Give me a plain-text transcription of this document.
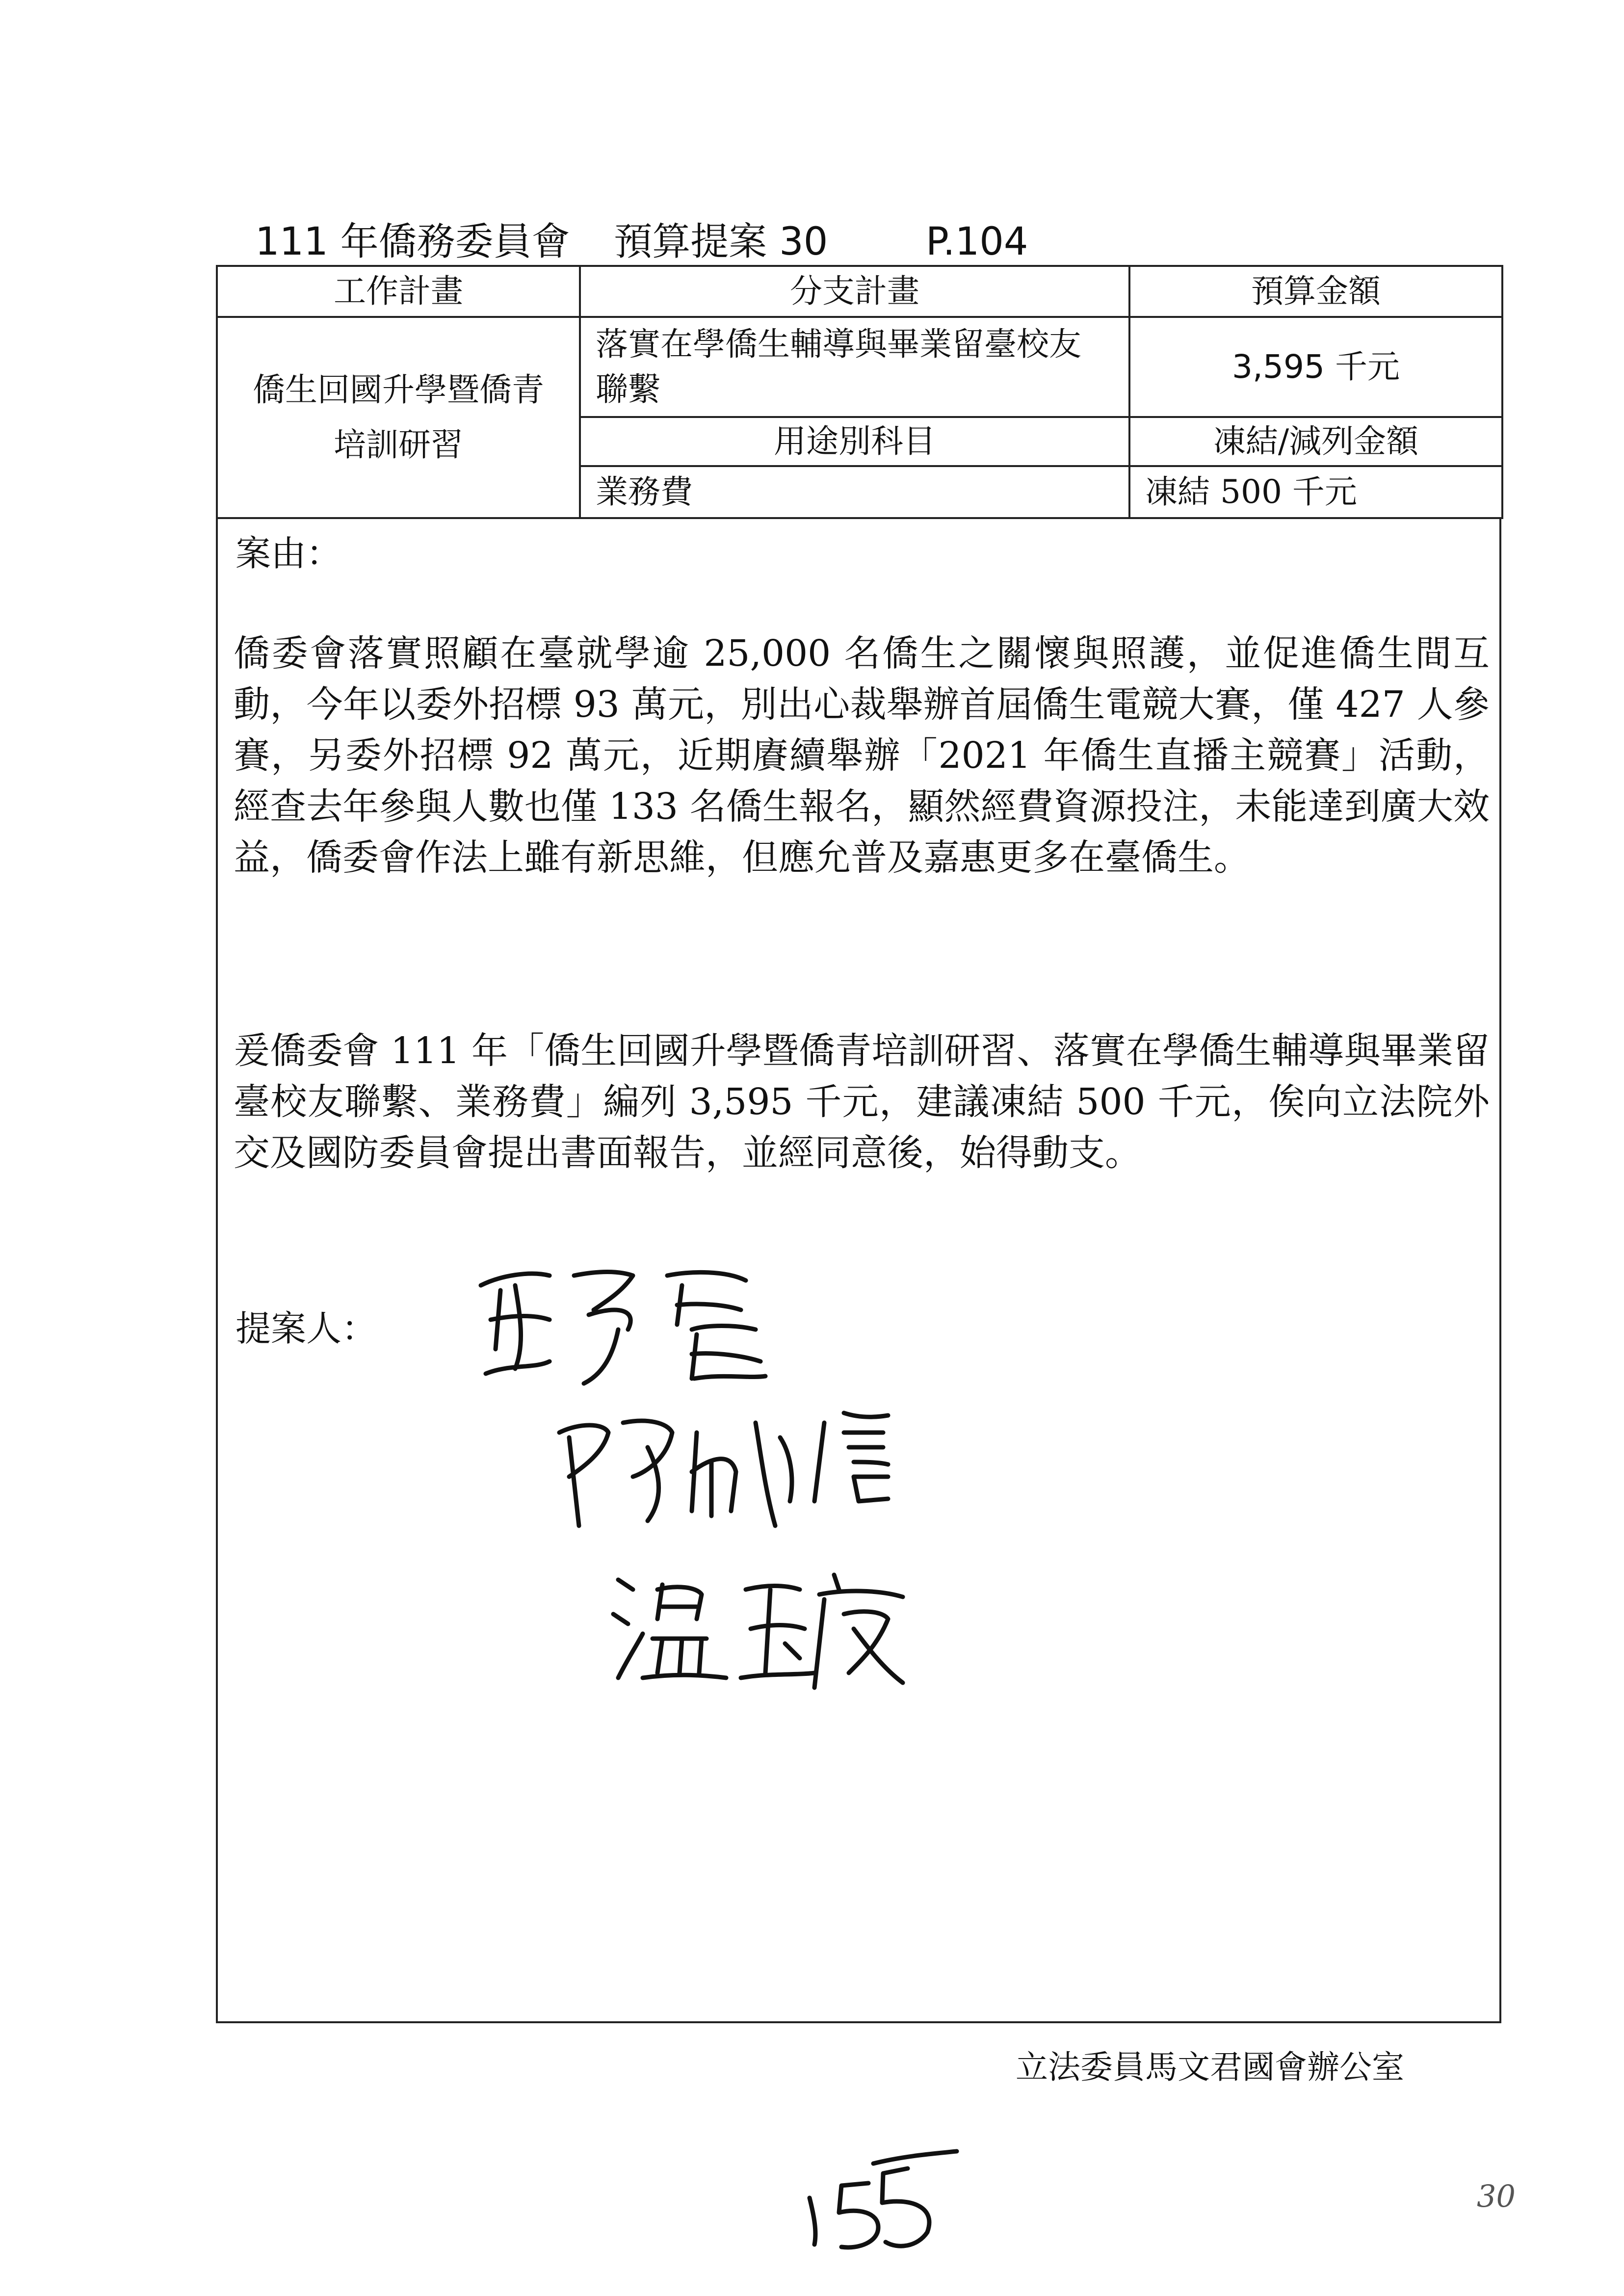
111 年僑務委員會 預算提案 30	P.104
工作計畫	分支計畫	預算金額
僑生回國升學暨僑青培訓研習	落實在學僑生輔導與畢業留臺校友聯繫	3,595 千元
	用途別科目	凍結/減列金額
	業務費	凍結 500 千元
案由：
僑委會落實照顧在臺就學逾 25,000 名僑生之關懷與照護，並促進僑生間互動，今年以委外招標 93 萬元，別出心裁舉辦首屆僑生電競大賽，僅 427 人參賽，另委外招標 92 萬元，近期賡續舉辦「2021 年僑生直播主競賽」活動，經查去年參與人數也僅 133 名僑生報名，顯然經費資源投注，未能達到廣大效益，僑委會作法上雖有新思維，但應允普及嘉惠更多在臺僑生。
爰僑委會 111 年「僑生回國升學暨僑青培訓研習、落實在學僑生輔導與畢業留臺校友聯繫、業務費」編列 3,595 千元，建議凍結 500 千元，俟向立法院外交及國防委員會提出書面報告，並經同意後，始得動支。
提案人：
立法委員馬文君國會辦公室
30
